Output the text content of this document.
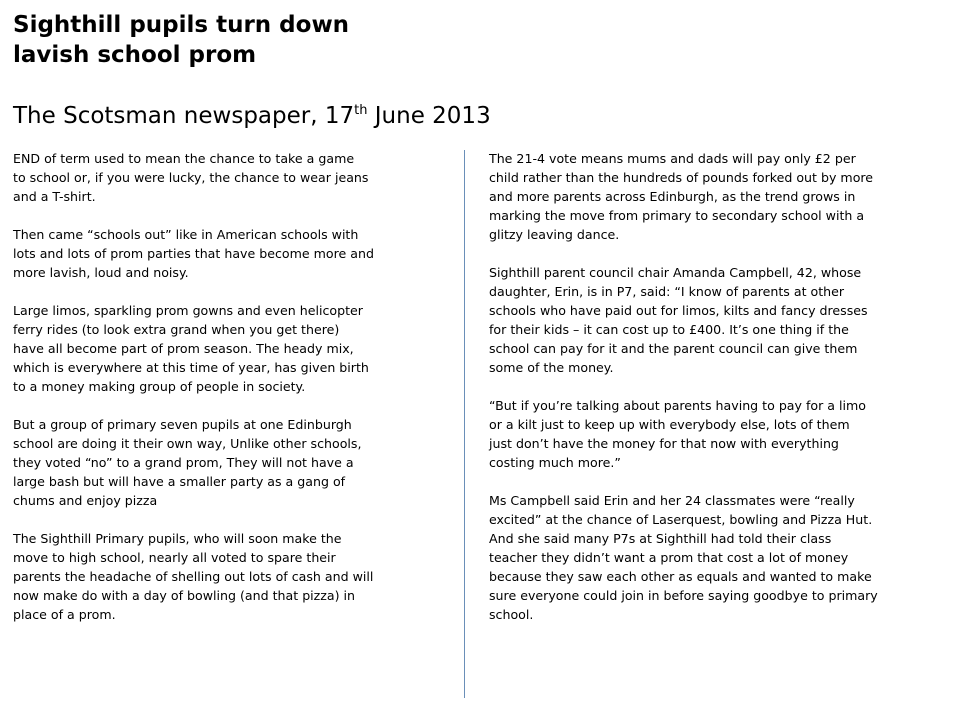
Sighthill pupils turn down
lavish school prom

The Scotsman newspaper, 17th June 2013

END of term used to mean the chance to take a game
to school or, if you were lucky, the chance to wear jeans
and a T-shirt.

Then came “schools out” like in American schools with
lots and lots of prom parties that have become more and
more lavish, loud and noisy.

Large limos, sparkling prom gowns and even helicopter
ferry rides (to look extra grand when you get there)
have all become part of prom season. The heady mix,
which is everywhere at this time of year, has given birth
to a money making group of people in society.

But a group of primary seven pupils at one Edinburgh
school are doing it their own way, Unlike other schools,
they voted “no” to a grand prom, They will not have a
large bash but will have a smaller party as a gang of
chums and enjoy pizza

The Sighthill Primary pupils, who will soon make the
move to high school, nearly all voted to spare their
parents the headache of shelling out lots of cash and will
now make do with a day of bowling (and that pizza) in
place of a prom.

The 21-4 vote means mums and dads will pay only £2 per
child rather than the hundreds of pounds forked out by more
and more parents across Edinburgh, as the trend grows in
marking the move from primary to secondary school with a
glitzy leaving dance.

Sighthill parent council chair Amanda Campbell, 42, whose
daughter, Erin, is in P7, said: “I know of parents at other
schools who have paid out for limos, kilts and fancy dresses
for their kids – it can cost up to £400. It’s one thing if the
school can pay for it and the parent council can give them
some of the money.

“But if you’re talking about parents having to pay for a limo
or a kilt just to keep up with everybody else, lots of them
just don’t have the money for that now with everything
costing much more.”

Ms Campbell said Erin and her 24 classmates were “really
excited” at the chance of Laserquest, bowling and Pizza Hut.
And she said many P7s at Sighthill had told their class
teacher they didn’t want a prom that cost a lot of money
because they saw each other as equals and wanted to make
sure everyone could join in before saying goodbye to primary
school.
